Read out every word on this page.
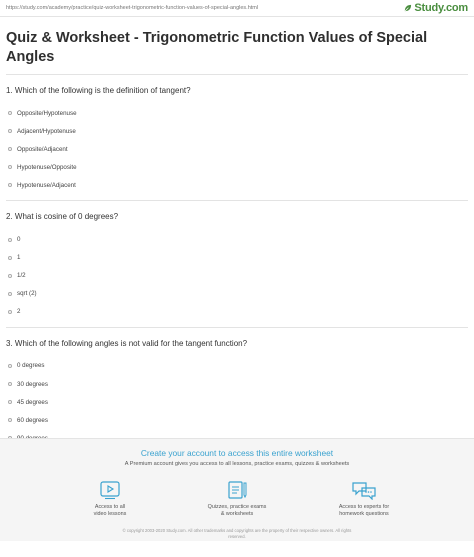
https://study.com/academy/practice/quiz-worksheet-trigonometric-function-values-of-special-angles.html	Study.com
Quiz & Worksheet - Trigonometric Function Values of Special Angles
1. Which of the following is the definition of tangent?
Opposite/Hypotenuse
Adjacent/Hypotenuse
Opposite/Adjacent
Hypotenuse/Opposite
Hypotenuse/Adjacent
2. What is cosine of 0 degrees?
0
1
1/2
sqrt (2)
2
3. Which of the following angles is not valid for the tangent function?
0 degrees
30 degrees
45 degrees
60 degrees
Create your account to access this entire worksheet
A Premium account gives you access to all lessons, practice exams, quizzes & worksheets
Access to all
video lessons
Quizzes, practice exams
& worksheets
Access to experts for
homework questions

© copyright 2003-2020 Study.com. All other trademarks and copyrights are the property of their respective owners. All rights

reserved.
